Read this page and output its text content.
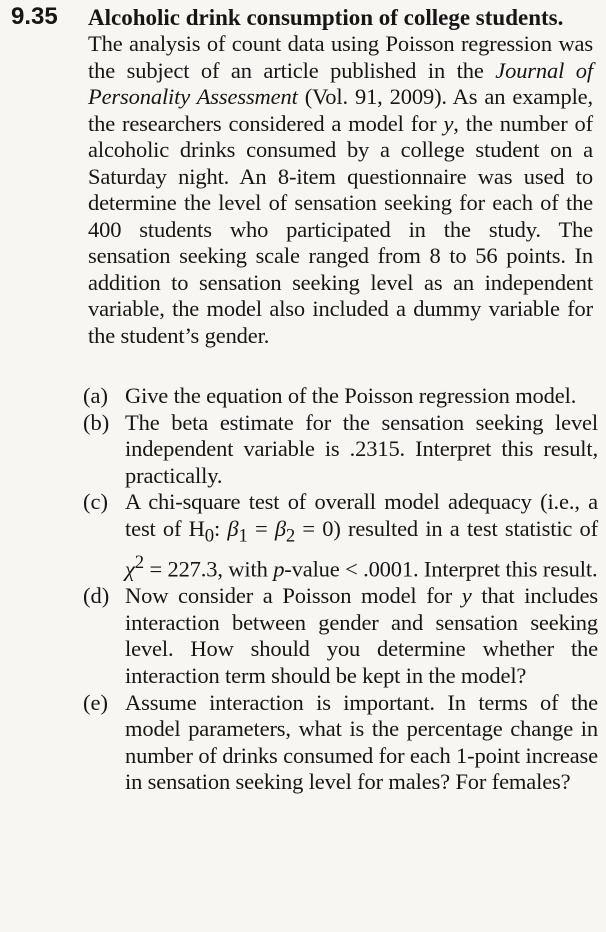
9.35 Alcoholic drink consumption of college students.
The analysis of count data using Poisson regression was the subject of an article published in the Journal of Personality Assessment (Vol. 91, 2009). As an example, the researchers considered a model for y, the number of alcoholic drinks consumed by a college student on a Saturday night. An 8-item questionnaire was used to determine the level of sensation seeking for each of the 400 students who participated in the study. The sensation seeking scale ranged from 8 to 56 points. In addition to sensation seeking level as an independent variable, the model also included a dummy variable for the student’s gender.
(a) Give the equation of the Poisson regression model.
(b) The beta estimate for the sensation seeking level independent variable is .2315. Interpret this result, practically.
(c) A chi-square test of overall model adequacy (i.e., a test of $H_0$: $\beta_1 = \beta_2 = 0$) resulted in a test statistic of $\chi^2 = 227.3$, with p-value < .0001. Interpret this result.
(d) Now consider a Poisson model for y that includes interaction between gender and sensation seeking level. How should you determine whether the interaction term should be kept in the model?
(e) Assume interaction is important. In terms of the model parameters, what is the percentage change in number of drinks consumed for each 1-point increase in sensation seeking level for males? For females?
